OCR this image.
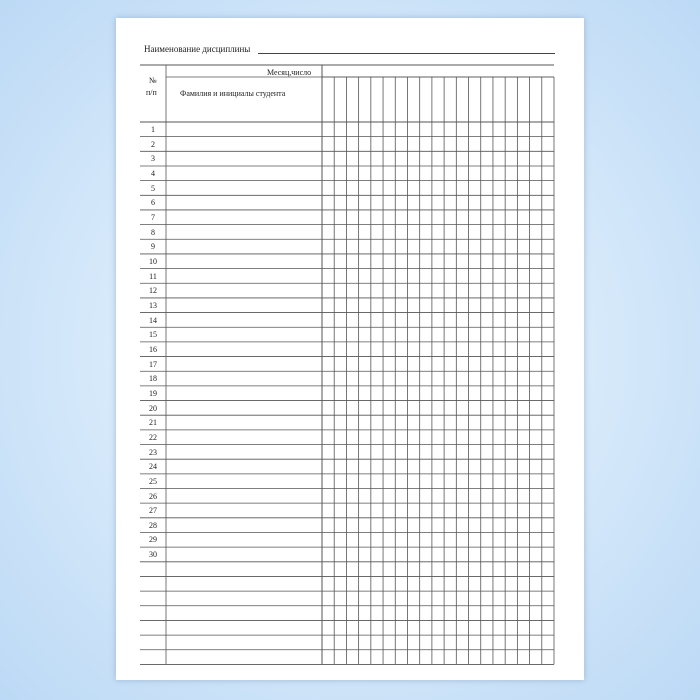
Наименование дисциплины
№
п/п
Месяц,число
Фамилия и инициалы студента
1
2
3
4
5
6
7
8
9
10
11
12
13
14
15
16
17
18
19
20
21
22
23
24
25
26
27
28
29
30
